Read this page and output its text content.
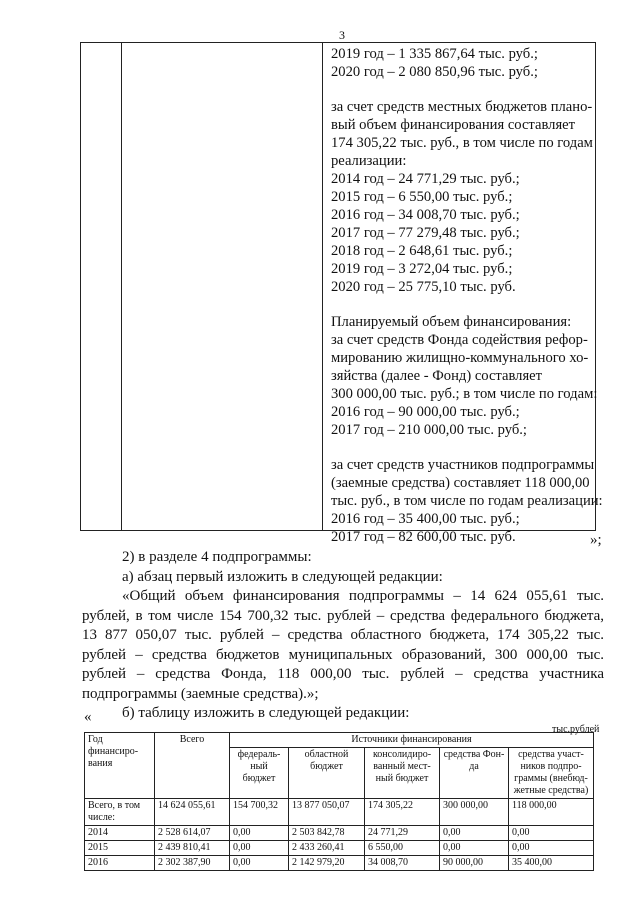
3
2019 год – 1 335 867,64 тыс. руб.;
2020 год – 2 080 850,96 тыс. руб.;
за счет средств местных бюджетов плано-
вый объем финансирования составляет
174 305,22 тыс. руб., в том числе по годам
реализации:
2014 год – 24 771,29 тыс. руб.;
2015 год – 6 550,00 тыс. руб.;
2016 год – 34 008,70 тыс. руб.;
2017 год – 77 279,48 тыс. руб.;
2018 год – 2 648,61 тыс. руб.;
2019 год – 3 272,04 тыс. руб.;
2020 год – 25 775,10 тыс. руб.
Планируемый объем финансирования:
за счет средств Фонда содействия рефор-
мированию жилищно-коммунального хо-
зяйства (далее - Фонд) составляет
300 000,00 тыс. руб.; в том числе по годам:
2016 год – 90 000,00 тыс. руб.;
2017 год – 210 000,00 тыс. руб.;
за счет средств участников подпрограммы
(заемные средства) составляет 118 000,00
тыс. руб., в том числе по годам реализации:
2016 год – 35 400,00 тыс. руб.;
2017 год – 82 600,00 тыс. руб.	»;

2) в разделе 4 подпрограммы:

а) абзац первый изложить в следующей редакции:

«Общий объем финансирования подпрограммы – 14 624 055,61 тыс.

рублей, в том числе 154 700,32 тыс. рублей – средства федерального бюджета,

13 877 050,07 тыс. рублей – средства областного бюджета, 174 305,22 тыс.

рублей – средства бюджетов муниципальных образований, 300 000,00 тыс.

рублей – средства Фонда, 118 000,00 тыс. рублей – средства участника

подпрограммы (заемные средства).»;

б) таблицу изложить в следующей редакции:

«
тыс.рублей
Год финансиро-вания	Всего	Источники финансирования				
		федераль-ный бюджет	областной бюджет	консолидиро-ванный мест-ный бюджет	средства Фон-да	средства участ-ников подпро-граммы (внебюд-жетные средства)
Всего, в том числе:	14 624 055,61	154 700,32	13 877 050,07	174 305,22	300 000,00	118 000,00
2014	2 528 614,07	0,00	2 503 842,78	24 771,29	0,00	0,00
2015	2 439 810,41	0,00	2 433 260,41	6 550,00	0,00	0,00
2016	2 302 387,90	0,00	2 142 979,20	34 008,70	90 000,00	35 400,00
